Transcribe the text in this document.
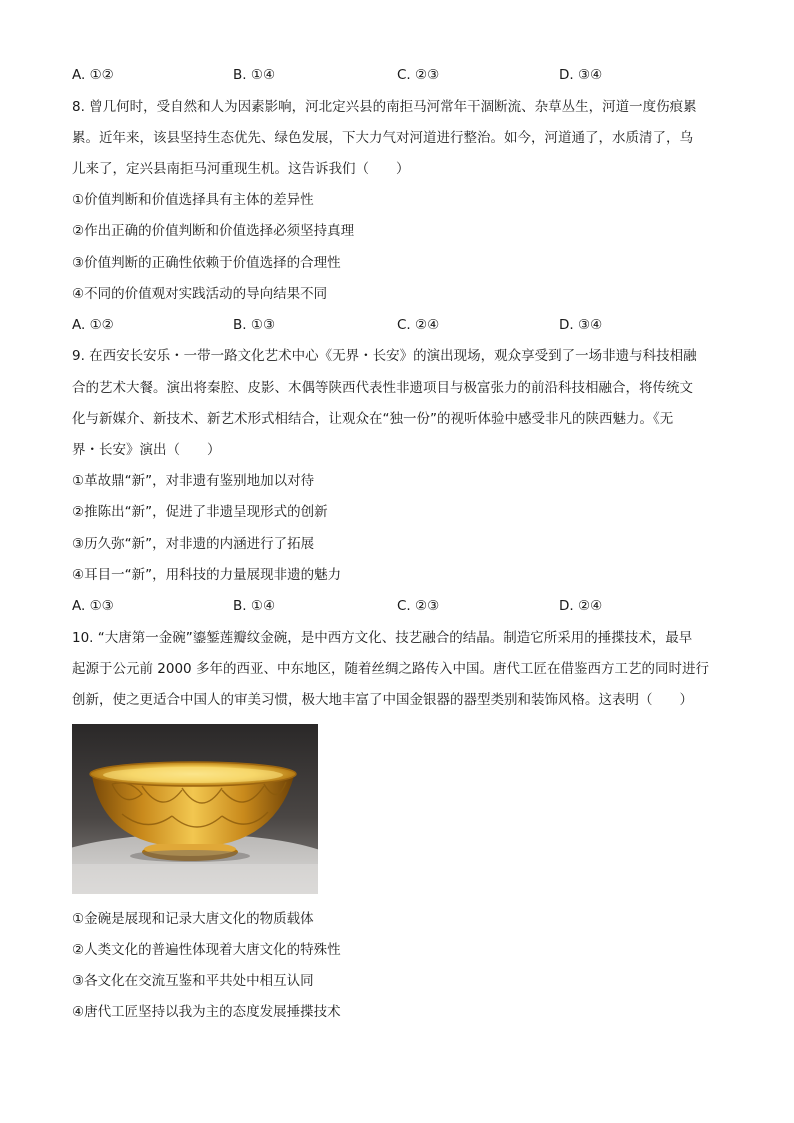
A. ①②	B. ①④	C. ②③	D. ③④
8. 曾几何时，受自然和人为因素影响，河北定兴县的南拒马河常年干涸断流、杂草丛生，河道一度伤痕累
累。近年来，该县坚持生态优先、绿色发展，下大力气对河道进行整治。如今，河道通了，水质清了，乌
儿来了，定兴县南拒马河重现生机。这告诉我们（　　）
①价值判断和价值选择具有主体的差异性
②作出正确的价值判断和价值选择必须坚持真理
③价值判断的正确性依赖于价值选择的合理性
④不同的价值观对实践活动的导向结果不同
A. ①②	B. ①③	C. ②④	D. ③④
9. 在西安长安乐・一带一路文化艺术中心《无界・长安》的演出现场，观众享受到了一场非遗与科技相融
合的艺术大餐。演出将秦腔、皮影、木偶等陕西代表性非遗项目与极富张力的前沿科技相融合，将传统文
化与新媒介、新技术、新艺术形式相结合，让观众在“独一份”的视听体验中感受非凡的陕西魅力。《无
界・长安》演出（　　）
①革故鼎“新”，对非遗有鉴别地加以对待
②推陈出“新”，促进了非遗呈现形式的创新
③历久弥“新”，对非遗的内涵进行了拓展
④耳目一“新”，用科技的力量展现非遗的魅力
A. ①③	B. ①④	C. ②③	D. ②④
10. “大唐第一金碗”鎏錾莲瓣纹金碗，是中西方文化、技艺融合的结晶。制造它所采用的捶揲技术，最早
起源于公元前 2000 多年的西亚、中东地区，随着丝绸之路传入中国。唐代工匠在借鉴西方工艺的同时进行
创新，使之更适合中国人的审美习惯，极大地丰富了中国金银器的器型类别和装饰风格。这表明（　　）
①金碗是展现和记录大唐文化的物质载体
②人类文化的普遍性体现着大唐文化的特殊性
③各文化在交流互鉴和平共处中相互认同
④唐代工匠坚持以我为主的态度发展捶揲技术
